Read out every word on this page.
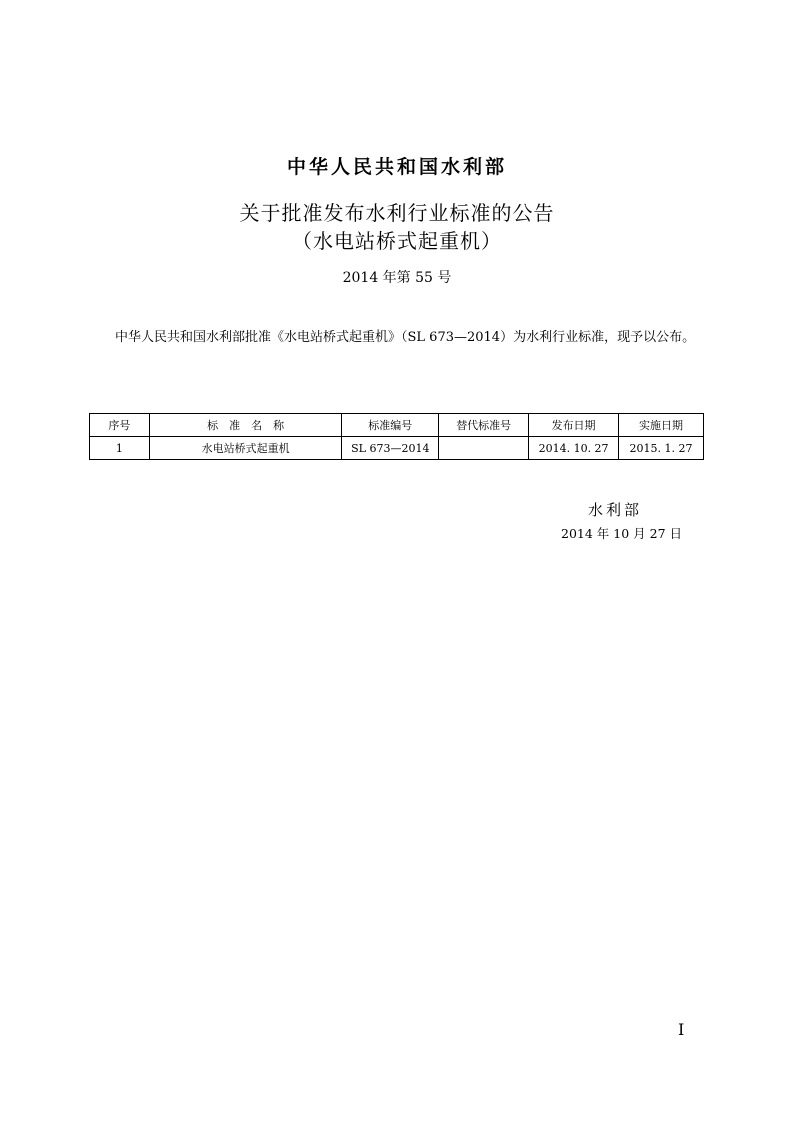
中华人民共和国水利部
关于批准发布水利行业标准的公告
（水电站桥式起重机）
2014 年第 55 号
中华人民共和国水利部批准《水电站桥式起重机》（SL 673—2014）为水利行业标准，现予以公布。
序号	标　准　名　称	标准编号	替代标准号	发布日期	实施日期
1	水电站桥式起重机	SL 673—2014		2014. 10. 27	2015. 1. 27
水利部
2014 年 10 月 27 日
I
